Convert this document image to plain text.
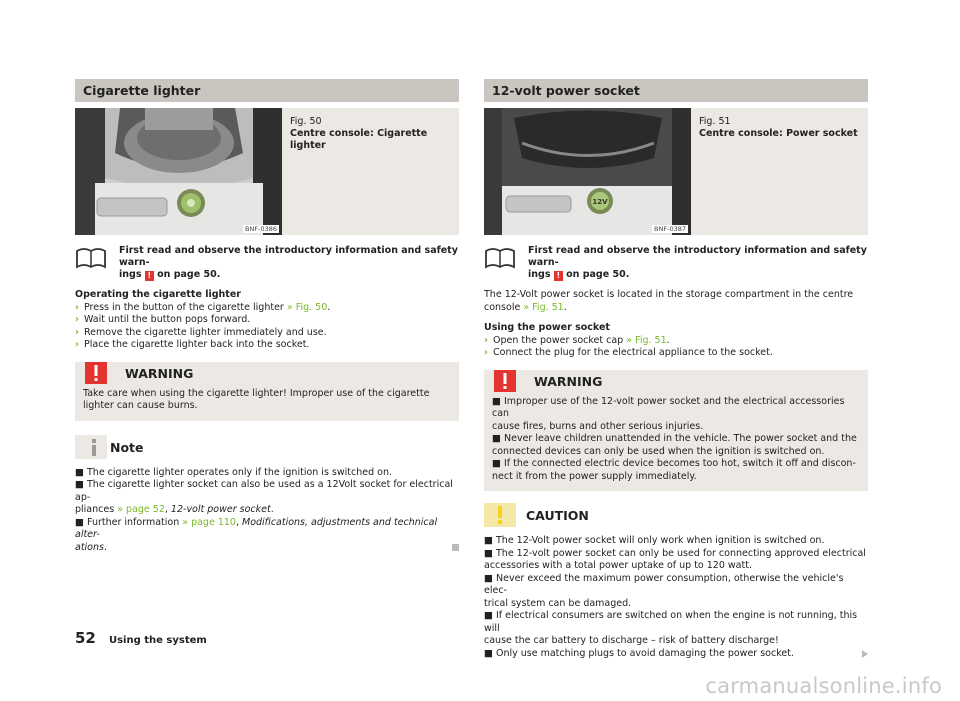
Cigarette lighter
BNF-0386
Fig. 50
Centre console: Cigarette lighter
First read and observe the introductory information and safety warn-
ings ! on page 50.

Operating the cigarette lighter

› Press in the button of the cigarette lighter » Fig. 50.

› Wait until the button pops forward.

› Remove the cigarette lighter immediately and use.

› Place the cigarette lighter back into the socket.

WARNING

Take care when using the cigarette lighter! Improper use of the cigarette

lighter can cause burns.

Note

■ The cigarette lighter operates only if the ignition is switched on.

■ The cigarette lighter socket can also be used as a 12Volt socket for electrical ap-

pliances » page 52, 12-volt power socket.

■ Further information » page 110, Modifications, adjustments and technical alter-

ations.

12-volt power socket
12V
BNF-0387
Fig. 51
Centre console: Power socket
First read and observe the introductory information and safety warn-
ings ! on page 50.

The 12-Volt power socket is located in the storage compartment in the centre

console » Fig. 51.

Using the power socket

› Open the power socket cap » Fig. 51.

› Connect the plug for the electrical appliance to the socket.

WARNING

■ Improper use of the 12-volt power socket and the electrical accessories can

cause fires, burns and other serious injuries.

■ Never leave children unattended in the vehicle. The power socket and the

connected devices can only be used when the ignition is switched on.

■ If the connected electric device becomes too hot, switch it off and discon-

nect it from the power supply immediately.

CAUTION

■ The 12-Volt power socket will only work when ignition is switched on.

■ The 12-volt power socket can only be used for connecting approved electrical

accessories with a total power uptake of up to 120 watt.

■ Never exceed the maximum power consumption, otherwise the vehicle's elec-

trical system can be damaged.

■ If electrical consumers are switched on when the engine is not running, this will

cause the car battery to discharge – risk of battery discharge!

■ Only use matching plugs to avoid damaging the power socket.

52 Using the system
carmanualsonline.info
